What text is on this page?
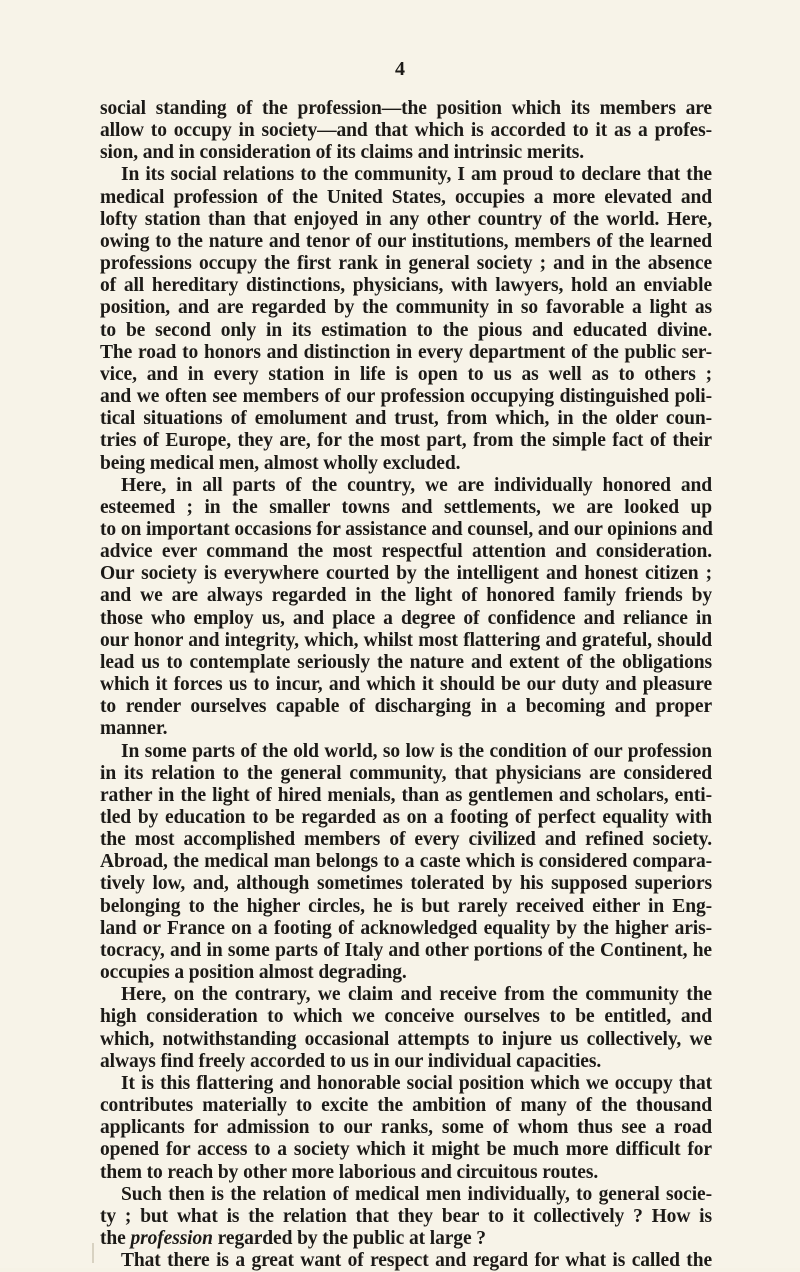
4
social standing of the profession—the position which its members are
allow to occupy in society—and that which is accorded to it as a profes-
sion, and in consideration of its claims and intrinsic merits.
In its social relations to the community, I am proud to declare that the
medical profession of the United States, occupies a more elevated and
lofty station than that enjoyed in any other country of the world. Here,
owing to the nature and tenor of our institutions, members of the learned
professions occupy the first rank in general society ; and in the absence
of all hereditary distinctions, physicians, with lawyers, hold an enviable
position, and are regarded by the community in so favorable a light as
to be second only in its estimation to the pious and educated divine.
The road to honors and distinction in every department of the public ser-
vice, and in every station in life is open to us as well as to others ;
and we often see members of our profession occupying distinguished poli-
tical situations of emolument and trust, from which, in the older coun-
tries of Europe, they are, for the most part, from the simple fact of their
being medical men, almost wholly excluded.
Here, in all parts of the country, we are individually honored and
esteemed ; in the smaller towns and settlements, we are looked up
to on important occasions for assistance and counsel, and our opinions and
advice ever command the most respectful attention and consideration.
Our society is everywhere courted by the intelligent and honest citizen ;
and we are always regarded in the light of honored family friends by
those who employ us, and place a degree of confidence and reliance in
our honor and integrity, which, whilst most flattering and grateful, should
lead us to contemplate seriously the nature and extent of the obligations
which it forces us to incur, and which it should be our duty and pleasure
to render ourselves capable of discharging in a becoming and proper
manner.
In some parts of the old world, so low is the condition of our profession
in its relation to the general community, that physicians are considered
rather in the light of hired menials, than as gentlemen and scholars, enti-
tled by education to be regarded as on a footing of perfect equality with
the most accomplished members of every civilized and refined society.
Abroad, the medical man belongs to a caste which is considered compara-
tively low, and, although sometimes tolerated by his supposed superiors
belonging to the higher circles, he is but rarely received either in Eng-
land or France on a footing of acknowledged equality by the higher aris-
tocracy, and in some parts of Italy and other portions of the Continent, he
occupies a position almost degrading.
Here, on the contrary, we claim and receive from the community the
high consideration to which we conceive ourselves to be entitled, and
which, notwithstanding occasional attempts to injure us collectively, we
always find freely accorded to us in our individual capacities.
It is this flattering and honorable social position which we occupy that
contributes materially to excite the ambition of many of the thousand
applicants for admission to our ranks, some of whom thus see a road
opened for access to a society which it might be much more difficult for
them to reach by other more laborious and circuitous routes.
Such then is the relation of medical men individually, to general socie-
ty ; but what is the relation that they bear to it collectively ? How is
the profession regarded by the public at large ?
That there is a great want of respect and regard for what is called the
